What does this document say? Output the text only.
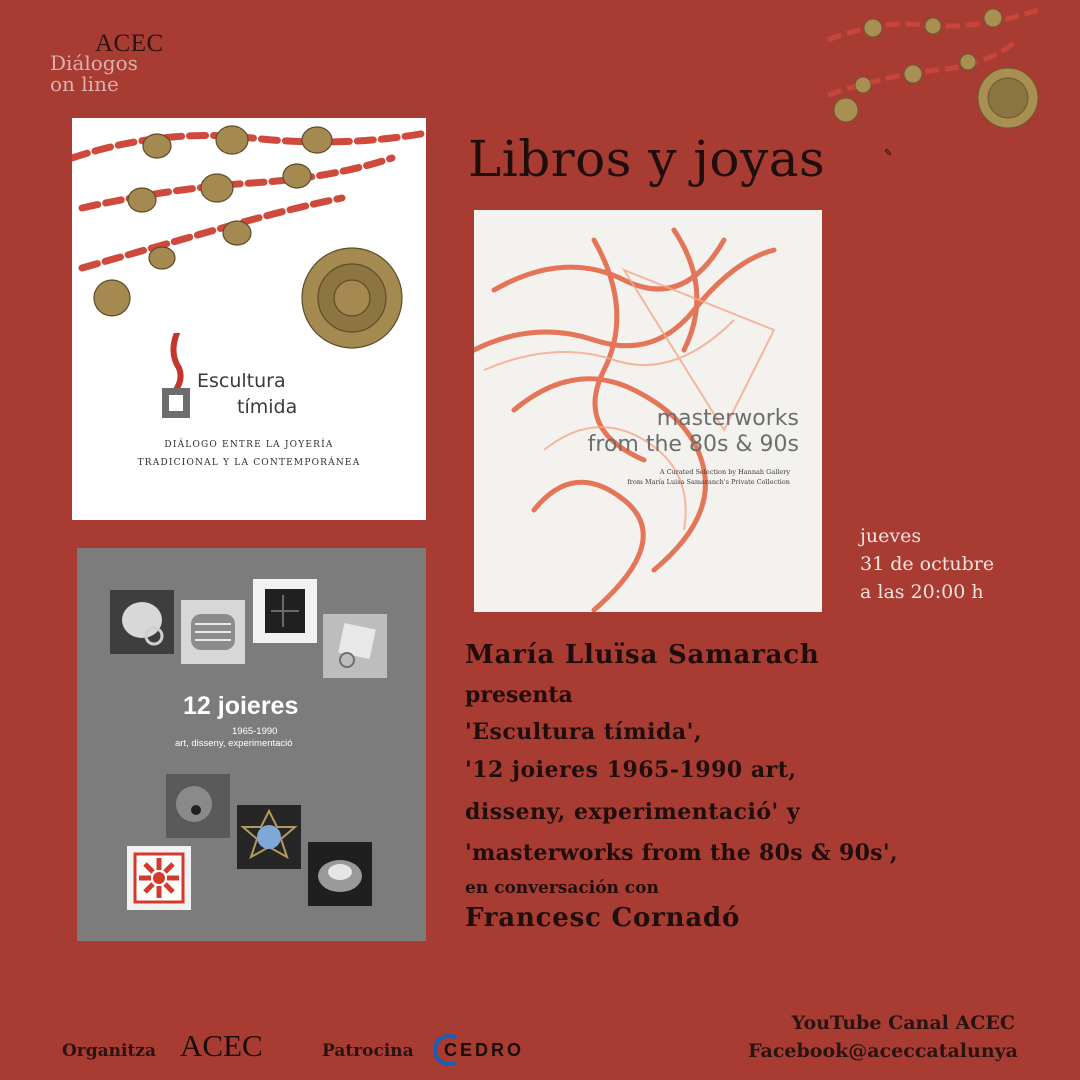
ACEC
Diálogos
on line
Libros y joyas	✎
Escultura
tímida
DIÁLOGO ENTRE LA JOYERÍA
TRADICIONAL Y LA CONTEMPORÁNEA
masterworks
from the 80s & 90s
A Curated Selection by Hannah Gallery
from María Luisa Samaranch's Private Collection
12 joieres
1965-1990
art, disseny, experimentació
jueves
31 de octubre
a las 20:00 h
María Lluïsa Samarach
presenta
'Escultura tímida',
'12 joieres 1965-1990 art,
disseny, experimentació' y
'masterworks from the 80s & 90s',
en conversación con
Francesc Cornadó
Organitza ACEC	Patrocina CEDRO
YouTube Canal ACEC
Facebook@aceccatalunya
